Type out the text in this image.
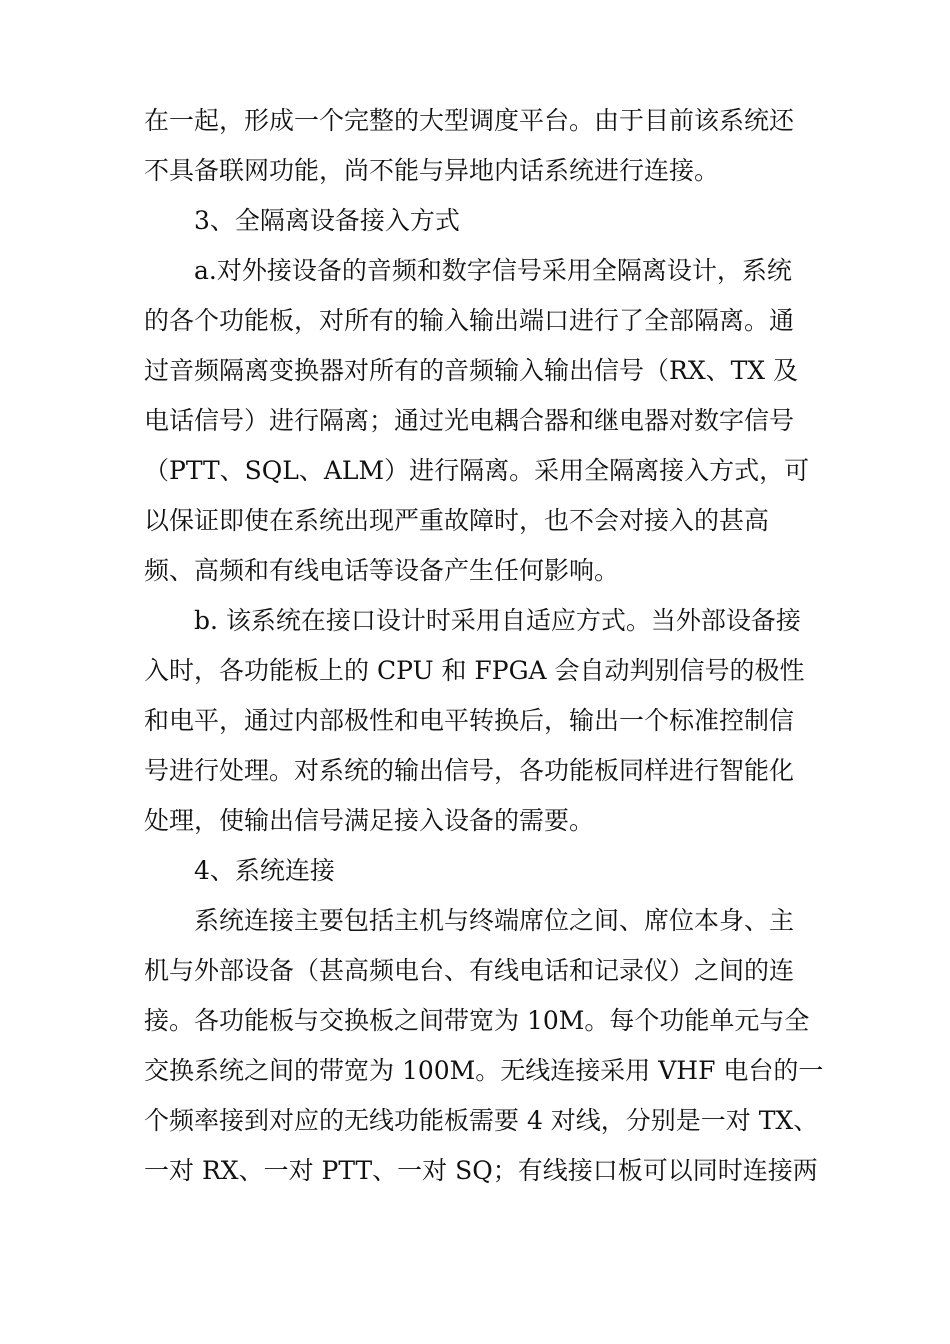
在一起，形成一个完整的大型调度平台。由于目前该系统还
不具备联网功能，尚不能与异地内话系统进行连接。
3、全隔离设备接入方式
a.对外接设备的音频和数字信号采用全隔离设计，系统
的各个功能板，对所有的输入输出端口进行了全部隔离。通
过音频隔离变换器对所有的音频输入输出信号（RX、TX 及
电话信号）进行隔离；通过光电耦合器和继电器对数字信号
（PTT、SQL、ALM）进行隔离。采用全隔离接入方式，可
以保证即使在系统出现严重故障时，也不会对接入的甚高
频、高频和有线电话等设备产生任何影响。
b. 该系统在接口设计时采用自适应方式。当外部设备接
入时，各功能板上的 CPU 和 FPGA 会自动判别信号的极性
和电平，通过内部极性和电平转换后，输出一个标准控制信
号进行处理。对系统的输出信号，各功能板同样进行智能化
处理，使输出信号满足接入设备的需要。
4、系统连接
系统连接主要包括主机与终端席位之间、席位本身、主
机与外部设备（甚高频电台、有线电话和记录仪）之间的连
接。各功能板与交换板之间带宽为 10M。每个功能单元与全
交换系统之间的带宽为 100M。无线连接采用 VHF 电台的一
个频率接到对应的无线功能板需要 4 对线，分别是一对 TX、
一对 RX、一对 PTT、一对 SQ；有线接口板可以同时连接两
